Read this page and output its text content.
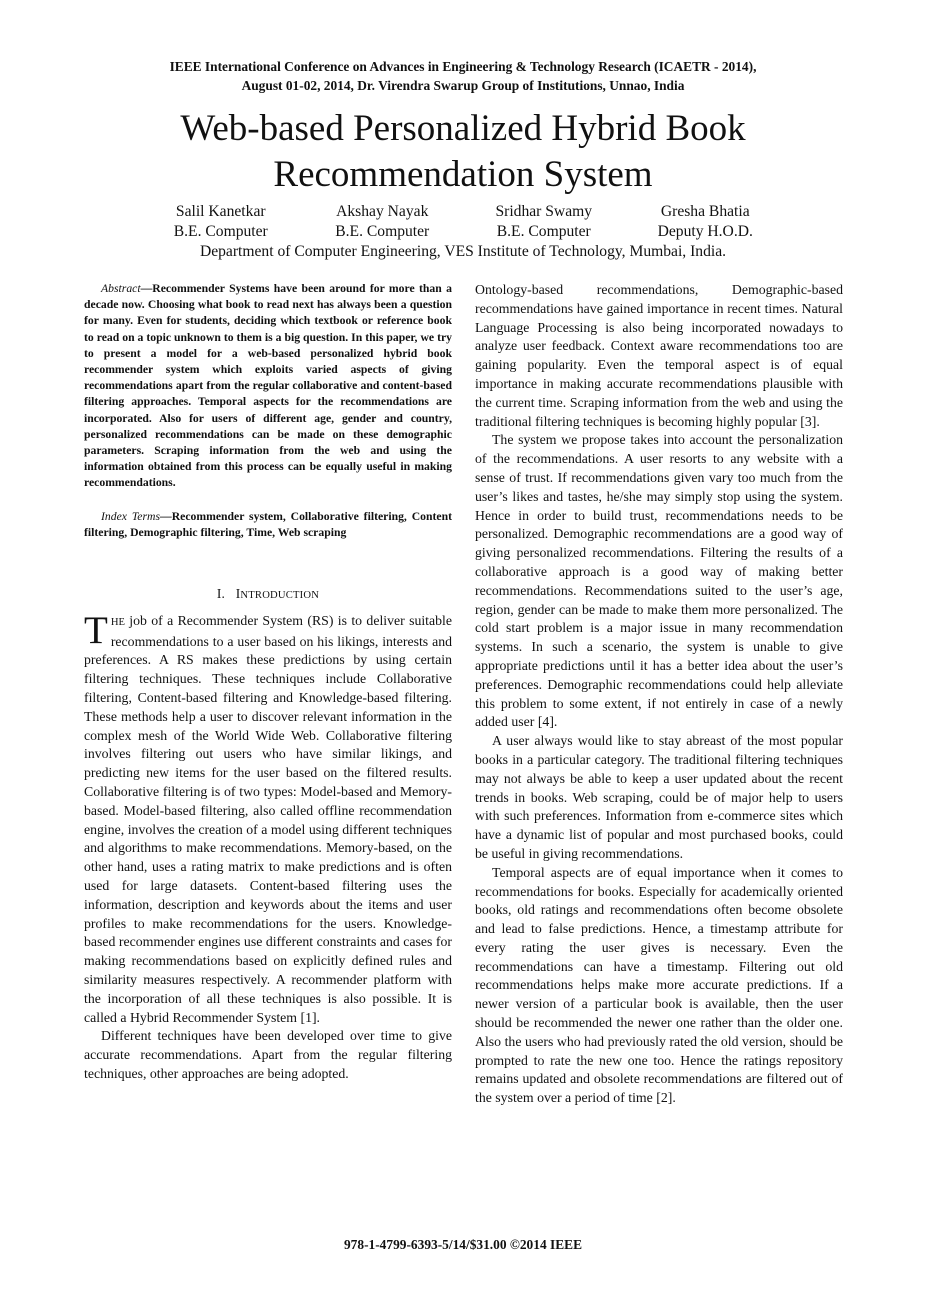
IEEE International Conference on Advances in Engineering & Technology Research (ICAETR - 2014),
August 01-02, 2014, Dr. Virendra Swarup Group of Institutions, Unnao, India
Web-based Personalized Hybrid Book
Recommendation System
Salil Kanetkar
B.E. Computer
Akshay Nayak
B.E. Computer
Sridhar Swamy
B.E. Computer
Gresha Bhatia
Deputy H.O.D.
Department of Computer Engineering, VES Institute of Technology, Mumbai, India.

Abstract—Recommender Systems have been around for more than a decade now. Choosing what book to read next has always been a question for many. Even for students, deciding which textbook or reference book to read on a topic unknown to them is a big question. In this paper, we try to present a model for a web-based personalized hybrid book recommender system which exploits varied aspects of giving recommendations apart from the regular collaborative and content-based filtering approaches. Temporal aspects for the recommendations are incorporated. Also for users of different age, gender and country, personalized recommendations can be made on these demographic parameters. Scraping information from the web and using the information obtained from this process can be equally useful in making recommendations.

Index Terms—Recommender system, Collaborative filtering, Content filtering, Demographic filtering, Time, Web scraping

I. INTRODUCTION

THE job of a Recommender System (RS) is to deliver suitable recommendations to a user based on his likings, interests and preferences. A RS makes these predictions by using certain filtering techniques. These techniques include Collaborative filtering, Content-based filtering and Knowledge-based filtering. These methods help a user to discover relevant information in the complex mesh of the World Wide Web. Collaborative filtering involves filtering out users who have similar likings, and predicting new items for the user based on the filtered results. Collaborative filtering is of two types: Model-based and Memory-based. Model-based filtering, also called offline recommendation engine, involves the creation of a model using different techniques and algorithms to make recommendations. Memory-based, on the other hand, uses a rating matrix to make predictions and is often used for large datasets. Content-based filtering uses the information, description and keywords about the items and user profiles to make recommendations for the users. Knowledge-based recommender engines use different constraints and cases for making recommendations based on explicitly defined rules and similarity measures respectively. A recommender platform with the incorporation of all these techniques is also possible. It is called a Hybrid Recommender System [1].

Different techniques have been developed over time to give accurate recommendations. Apart from the regular filtering techniques, other approaches are being adopted.

Ontology-based recommendations, Demographic-based recommendations have gained importance in recent times. Natural Language Processing is also being incorporated nowadays to analyze user feedback. Context aware recommendations too are gaining popularity. Even the temporal aspect is of equal importance in making accurate recommendations plausible with the current time. Scraping information from the web and using the traditional filtering techniques is becoming highly popular [3].

The system we propose takes into account the personalization of the recommendations. A user resorts to any website with a sense of trust. If recommendations given vary too much from the user’s likes and tastes, he/she may simply stop using the system. Hence in order to build trust, recommendations needs to be personalized. Demographic recommendations are a good way of giving personalized recommendations. Filtering the results of a collaborative approach is a good way of making better recommendations. Recommendations suited to the user’s age, region, gender can be made to make them more personalized. The cold start problem is a major issue in many recommendation systems. In such a scenario, the system is unable to give appropriate predictions until it has a better idea about the user’s preferences. Demographic recommendations could help alleviate this problem to some extent, if not entirely in case of a newly added user [4].

A user always would like to stay abreast of the most popular books in a particular category. The traditional filtering techniques may not always be able to keep a user updated about the recent trends in books. Web scraping, could be of major help to users with such preferences. Information from e-commerce sites which have a dynamic list of popular and most purchased books, could be useful in giving recommendations.

Temporal aspects are of equal importance when it comes to recommendations for books. Especially for academically oriented books, old ratings and recommendations often become obsolete and lead to false predictions. Hence, a timestamp attribute for every rating the user gives is necessary. Even the recommendations can have a timestamp. Filtering out old recommendations helps make more accurate predictions. If a newer version of a particular book is available, then the user should be recommended the newer one rather than the older one. Also the users who had previously rated the old version, should be prompted to rate the new one too. Hence the ratings repository remains updated and obsolete recommendations are filtered out of the system over a period of time [2].

978-1-4799-6393-5/14/$31.00 ©2014 IEEE
